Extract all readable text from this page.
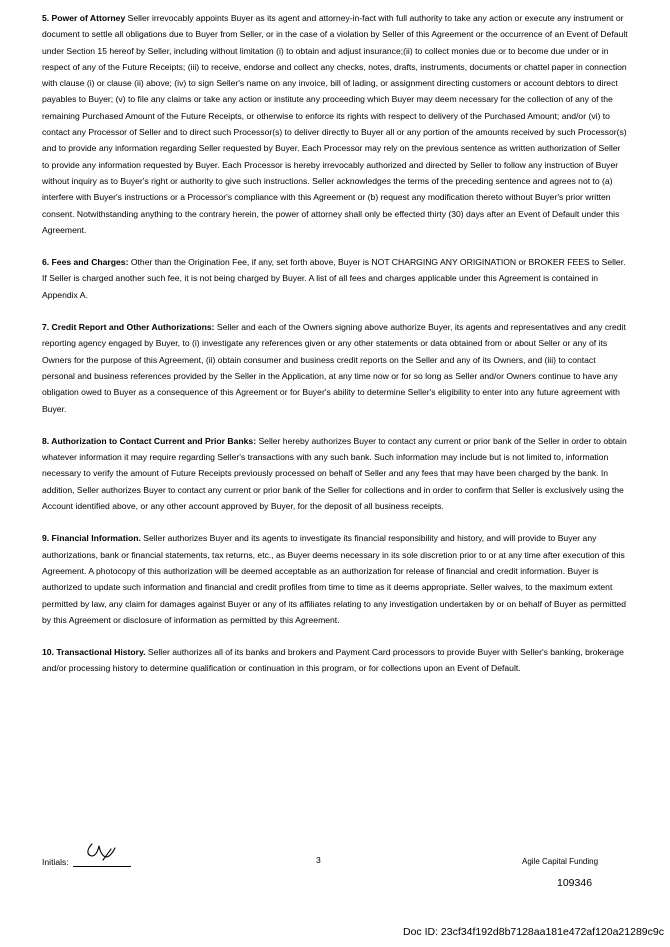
5. Power of Attorney Seller irrevocably appoints Buyer as its agent and attorney-in-fact with full authority to take any action or execute any instrument or document to settle all obligations due to Buyer from Seller, or in the case of a violation by Seller of this Agreement or the occurrence of an Event of Default under Section 15 hereof by Seller, including without limitation (i) to obtain and adjust insurance;(ii) to collect monies due or to become due under or in respect of any of the Future Receipts; (iii) to receive, endorse and collect any checks, notes, drafts, instruments, documents or chattel paper in connection with clause (i) or clause (ii) above; (iv) to sign Seller's name on any invoice, bill of lading, or assignment directing customers or account debtors to direct payables to Buyer; (v) to file any claims or take any action or institute any proceeding which Buyer may deem necessary for the collection of any of the remaining Purchased Amount of the Future Receipts, or otherwise to enforce its rights with respect to delivery of the Purchased Amount; and/or (vi) to contact any Processor of Seller and to direct such Processor(s) to deliver directly to Buyer all or any portion of the amounts received by such Processor(s) and to provide any information regarding Seller requested by Buyer. Each Processor may rely on the previous sentence as written authorization of Seller to provide any information requested by Buyer. Each Processor is hereby irrevocably authorized and directed by Seller to follow any instruction of Buyer without inquiry as to Buyer's right or authority to give such instructions. Seller acknowledges the terms of the preceding sentence and agrees not to (a) interfere with Buyer's instructions or a Processor's compliance with this Agreement or (b) request any modification thereto without Buyer's prior written consent. Notwithstanding anything to the contrary herein, the power of attorney shall only be effected thirty (30) days after an Event of Default under this Agreement.

6. Fees and Charges: Other than the Origination Fee, if any, set forth above, Buyer is NOT CHARGING ANY ORIGINATION or BROKER FEES to Seller. If Seller is charged another such fee, it is not being charged by Buyer. A list of all fees and charges applicable under this Agreement is contained in Appendix A.

7. Credit Report and Other Authorizations: Seller and each of the Owners signing above authorize Buyer, its agents and representatives and any credit reporting agency engaged by Buyer, to (i) investigate any references given or any other statements or data obtained from or about Seller or any of its Owners for the purpose of this Agreement, (ii) obtain consumer and business credit reports on the Seller and any of its Owners, and (iii) to contact personal and business references provided by the Seller in the Application, at any time now or for so long as Seller and/or Owners continue to have any obligation owed to Buyer as a consequence of this Agreement or for Buyer's ability to determine Seller's eligibility to enter into any future agreement with Buyer.

8. Authorization to Contact Current and Prior Banks: Seller hereby authorizes Buyer to contact any current or prior bank of the Seller in order to obtain whatever information it may require regarding Seller's transactions with any such bank. Such information may include but is not limited to, information necessary to verify the amount of Future Receipts previously processed on behalf of Seller and any fees that may have been charged by the bank. In addition, Seller authorizes Buyer to contact any current or prior bank of the Seller for collections and in order to confirm that Seller is exclusively using the Account identified above, or any other account approved by Buyer, for the deposit of all business receipts.

9. Financial Information. Seller authorizes Buyer and its agents to investigate its financial responsibility and history, and will provide to Buyer any authorizations, bank or financial statements, tax returns, etc., as Buyer deems necessary in its sole discretion prior to or at any time after execution of this Agreement. A photocopy of this authorization will be deemed acceptable as an authorization for release of financial and credit information. Buyer is authorized to update such information and financial and credit profiles from time to time as it deems appropriate. Seller waives, to the maximum extent permitted by law, any claim for damages against Buyer or any of its affiliates relating to any investigation undertaken by or on behalf of Buyer as permitted by this Agreement or disclosure of information as permitted by this Agreement.

10. Transactional History. Seller authorizes all of its banks and brokers and Payment Card processors to provide Buyer with Seller's banking, brokerage and/or processing history to determine qualification or continuation in this program, or for collections upon an Event of Default.

Initials:	3	Agile Capital Funding
109346
Doc ID: 23cf34f192d8b7128aa181e472af120a21289c9c
